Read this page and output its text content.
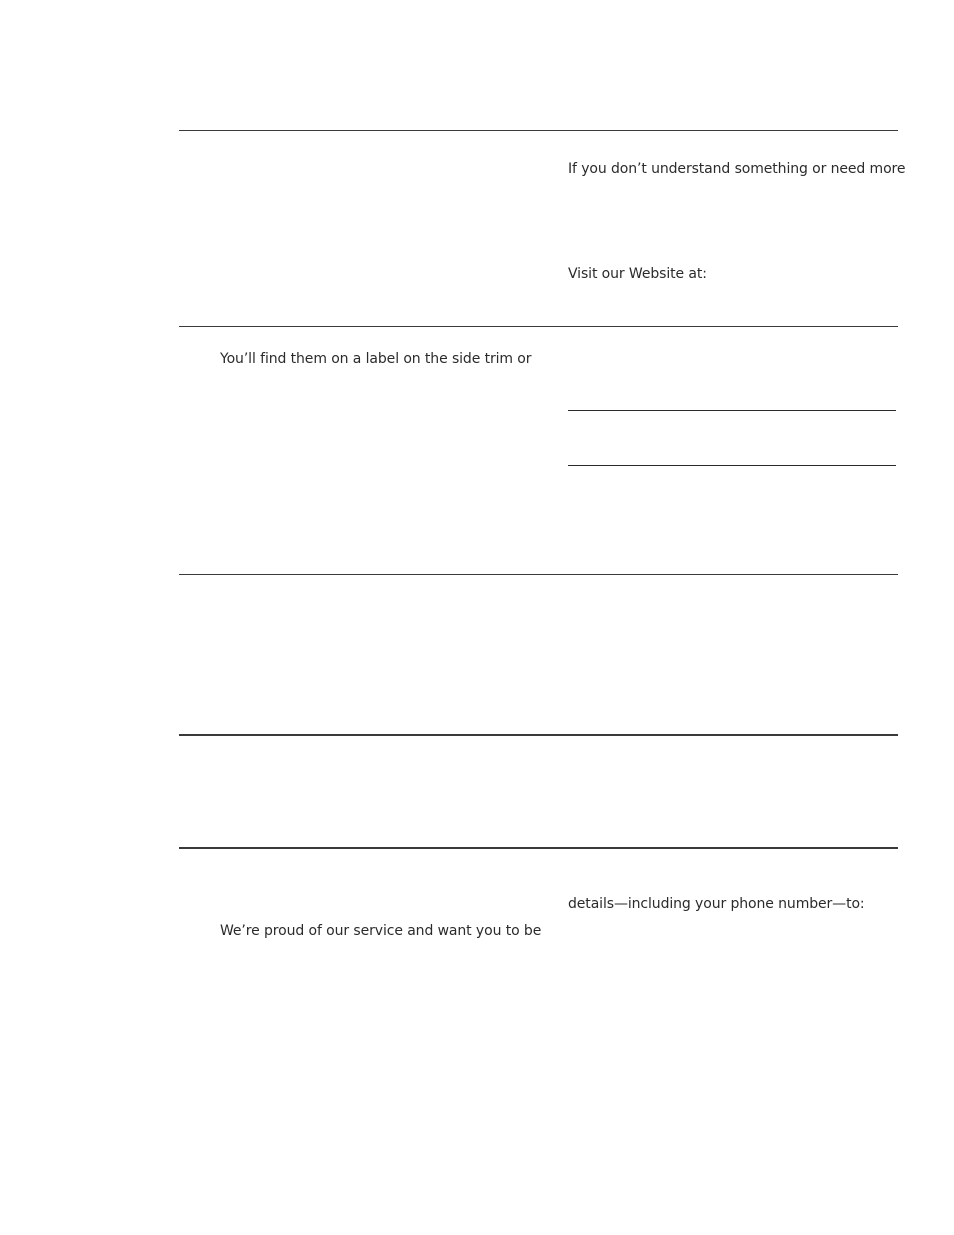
If you don’t understand something or need more
Visit our Website at:
You’ll find them on a label on the side trim or
details—including your phone number—to:
We’re proud of our service and want you to be
